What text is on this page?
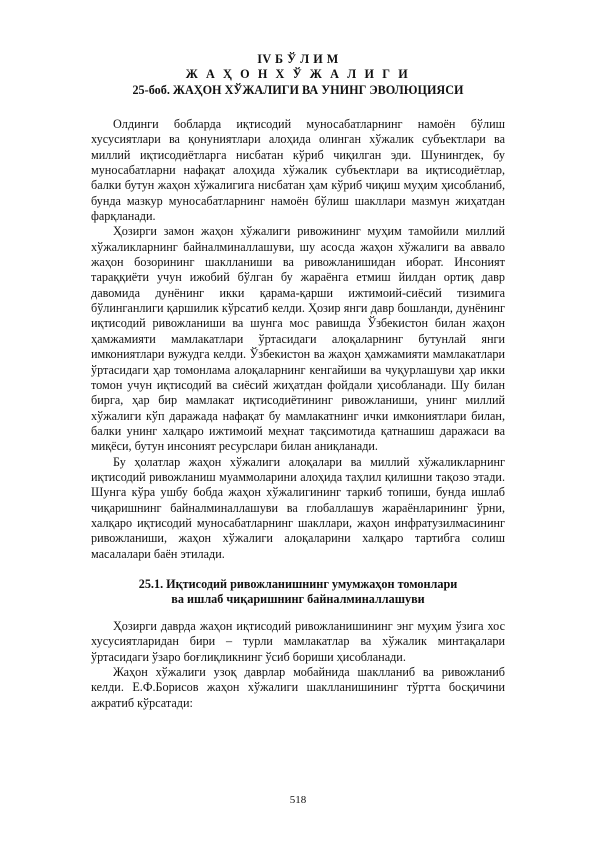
IV Б Ў Л И М
Ж А Ҳ О Н Х Ў Ж А Л И Г И
25-боб. ЖАҲОН ХЎЖАЛИГИ ВА УНИНГ ЭВОЛЮЦИЯСИ

Олдинги бобларда иқтисодий муносабатларнинг намоён бўлиш хусусиятлари ва қонуниятлари алоҳида олинган хўжалик субъектлари ва миллий иқтисодиётларга нисбатан кўриб чиқилган эди. Шунингдек, бу муносабатларни нафақат алоҳида хўжалик субъектлари ва иқтисодиётлар, балки бутун жаҳон хўжалигига нисбатан ҳам кўриб чиқиш муҳим ҳисобланиб, бунда мазкур муносабатларнинг намоён бўлиш шакллари мазмун жиҳатдан фарқланади.

Ҳозирги замон жаҳон хўжалиги ривожининг муҳим тамойили миллий хўжаликларнинг байналминаллашуви, шу асосда жаҳон хўжалиги ва аввало жаҳон бозорининг шаклланиши ва ривожланишидан иборат. Инсоният тараққиёти учун ижобий бўлган бу жараёнга етмиш йилдан ортиқ давр давомида дунёнинг икки қарама-қарши ижтимоий-сиёсий тизимига бўлинганлиги қаршилик кўрсатиб келди. Ҳозир янги давр бошланди, дунёнинг иқтисодий ривожланиши ва шунга мос равишда Ўзбекистон билан жаҳон ҳамжамияти мамлакатлари ўртасидаги алоқаларнинг бутунлай янги имкониятлари вужудга келди. Ўзбекистон ва жаҳон ҳамжамияти мамлакатлари ўртасидаги ҳар томонлама алоқаларнинг кенгайиши ва чуқурлашуви ҳар икки томон учун иқтисодий ва сиёсий жиҳатдан фойдали ҳисобланади. Шу билан бирга, ҳар бир мамлакат иқтисодиётининг ривожланиши, унинг миллий хўжалиги кўп даражада нафақат бу мамлакатнинг ички имкониятлари билан, балки унинг халқаро ижтимоий меҳнат тақсимотида қатнашиш даражаси ва миқёси, бутун инсоният ресурслари билан аниқланади.

Бу ҳолатлар жаҳон хўжалиги алоқалари ва миллий хўжаликларнинг иқтисодий ривожланиш муаммоларини алоҳида таҳлил қилишни тақозо этади. Шунга кўра ушбу бобда жаҳон хўжалигининг таркиб топиши, бунда ишлаб чиқаришнинг байналминаллашуви ва глобаллашув жараёнларининг ўрни, халқаро иқтисодий муносабатларнинг шакллари, жаҳон инфратузилмасининг ривожланиши, жаҳон хўжалиги алоқаларини халқаро тартибга солиш масалалари баён этилади.

25.1. Иқтисодий ривожланишнинг умумжаҳон томонлари
ва ишлаб чиқаришнинг байналминаллашуви

Ҳозирги даврда жаҳон иқтисодий ривожланишининг энг муҳим ўзига хос хусусиятларидан бири – турли мамлакатлар ва хўжалик минтақалари ўртасидаги ўзаро боғлиқликнинг ўсиб бориши ҳисобланади.

Жаҳон хўжалиги узоқ даврлар мобайнида шаклланиб ва ривожланиб келди. Е.Ф.Борисов жаҳон хўжалиги шаклланишининг тўртта босқичини ажратиб кўрсатади:

518
